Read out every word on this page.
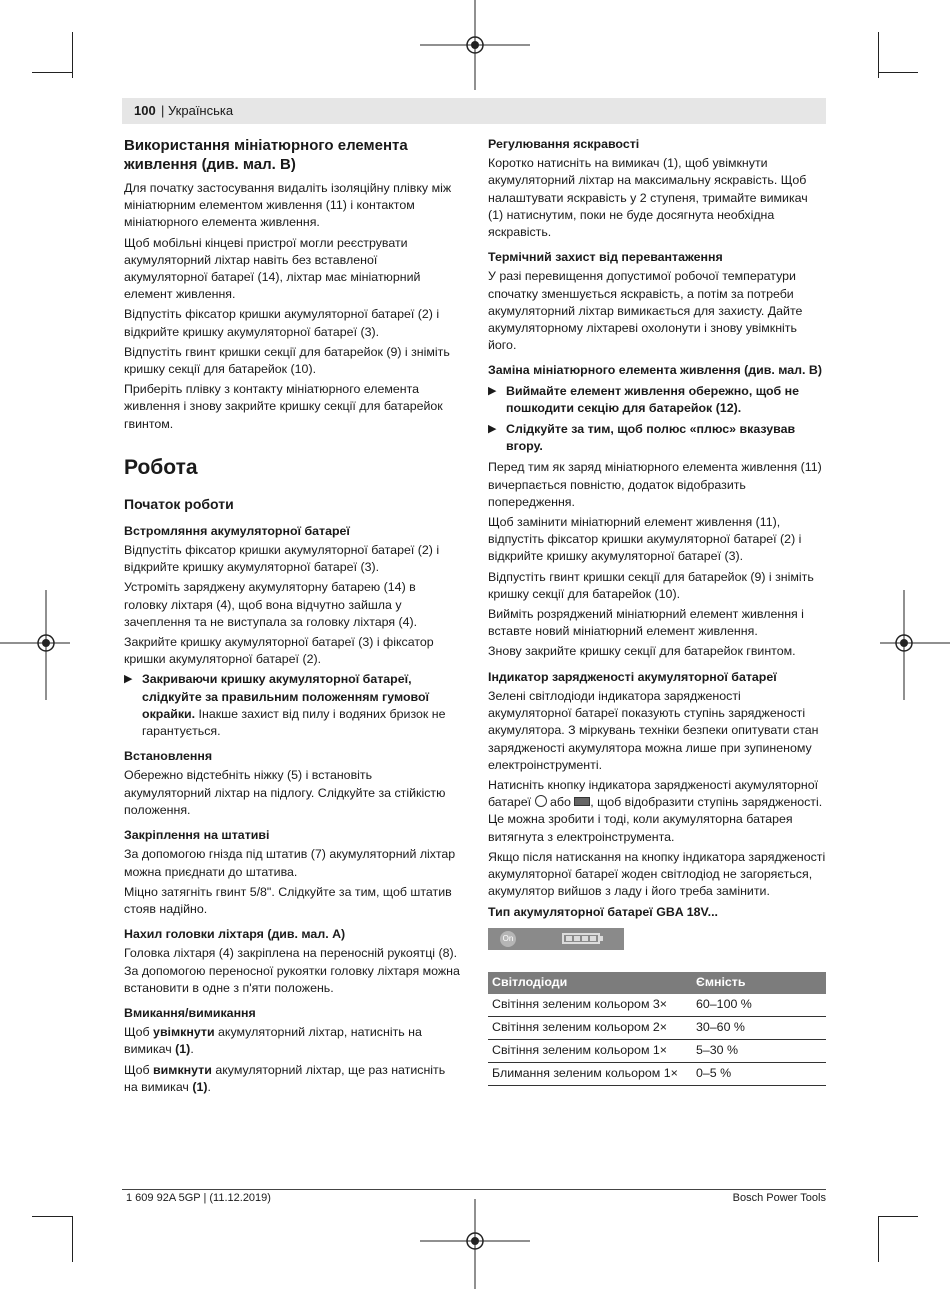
100 | Українська
Використання мініатюрного елемента живлення (див. мал. B)

Для початку застосування видаліть ізоляційну плівку між мініатюрним елементом живлення (11) і контактом мініатюрного елемента живлення.

Щоб мобільні кінцеві пристрої могли реєструвати акумуляторний ліхтар навіть без вставленої акумуляторної батареї (14), ліхтар має мініатюрний елемент живлення.

Відпустіть фіксатор кришки акумуляторної батареї (2) і відкрийте кришку акумуляторної батареї (3).

Відпустіть гвинт кришки секції для батарейок (9) і зніміть кришку секції для батарейок (10).

Приберіть плівку з контакту мініатюрного елемента живлення і знову закрийте кришку секції для батарейок гвинтом.

Робота
Початок роботи
Встромляння акумуляторної батареї

Відпустіть фіксатор кришки акумуляторної батареї (2) і відкрийте кришку акумуляторної батареї (3).

Устроміть заряджену акумуляторну батарею (14) в головку ліхтаря (4), щоб вона відчутно зайшла у зачеплення та не виступала за головку ліхтаря (4).

Закрийте кришку акумуляторної батареї (3) і фіксатор кришки акумуляторної батареї (2).

▶ Закриваючи кришку акумуляторної батареї, слідкуйте за правильним положенням гумової окрайки. Інакше захист від пилу і водяних бризок не гарантується.
Встановлення

Обережно відстебніть ніжку (5) і встановіть акумуляторний ліхтар на підлогу. Слідкуйте за стійкістю положення.

Закріплення на штативі

За допомогою гнізда під штатив (7) акумуляторний ліхтар можна приєднати до штатива.

Міцно затягніть гвинт 5/8". Слідкуйте за тим, щоб штатив стояв надійно.

Нахил головки ліхтаря (див. мал. A)

Головка ліхтаря (4) закріплена на переносній рукоятці (8). За допомогою переносної рукоятки головку ліхтаря можна встановити в одне з п'яти положень.

Вмикання/вимикання

Щоб увімкнути акумуляторний ліхтар, натисніть на вимикач (1).

Щоб вимкнути акумуляторний ліхтар, ще раз натисніть на вимикач (1).

Регулювання яскравості

Коротко натисніть на вимикач (1), щоб увімкнути акумуляторний ліхтар на максимальну яскравість. Щоб налаштувати яскравість у 2 ступеня, тримайте вимикач (1) натиснутим, поки не буде досягнута необхідна яскравість.

Термічний захист від перевантаження

У разі перевищення допустимої робочої температури спочатку зменшується яскравість, а потім за потреби акумуляторний ліхтар вимикається для захисту. Дайте акумуляторному ліхтареві охолонути і знову увімкніть його.

Заміна мініатюрного елемента живлення (див. мал. B)
▶ Виймайте елемент живлення обережно, щоб не пошкодити секцію для батарейок (12).
▶ Слідкуйте за тим, щоб полюс «плюс» вказував вгору.

Перед тим як заряд мініатюрного елемента живлення (11) вичерпається повністю, додаток відобразить попередження.

Щоб замінити мініатюрний елемент живлення (11), відпустіть фіксатор кришки акумуляторної батареї (2) і відкрийте кришку акумуляторної батареї (3).

Відпустіть гвинт кришки секції для батарейок (9) і зніміть кришку секції для батарейок (10).

Вийміть розряджений мініатюрний елемент живлення і вставте новий мініатюрний елемент живлення.

Знову закрийте кришку секції для батарейок гвинтом.

Індикатор зарядженості акумуляторної батареї

Зелені світлодіоди індикатора зарядженості акумуляторної батареї показують ступінь зарядженості акумулятора. З міркувань техніки безпеки опитувати стан зарядженості акумулятора можна лише при зупиненому електроінструменті.

Натисніть кнопку індикатора зарядженості акумуляторної батареї  або , щоб відобразити ступінь зарядженості. Це можна зробити і тоді, коли акумуляторна батарея витягнута з електроінструмента.

Якщо після натискання на кнопку індикатора зарядженості акумуляторної батареї жоден світлодіод не загоряється, акумулятор вийшов з ладу і його треба замінити.

Тип акумуляторної батареї GBA 18V...
On
Світлодіоди	Ємність
Світіння зеленим кольором 3×	60–100 %
Світіння зеленим кольором 2×	30–60 %
Світіння зеленим кольором 1×	5–30 %
Блимання зеленим кольором 1×	0–5 %
1 609 92A 5GP | (11.12.2019)	Bosch Power Tools
